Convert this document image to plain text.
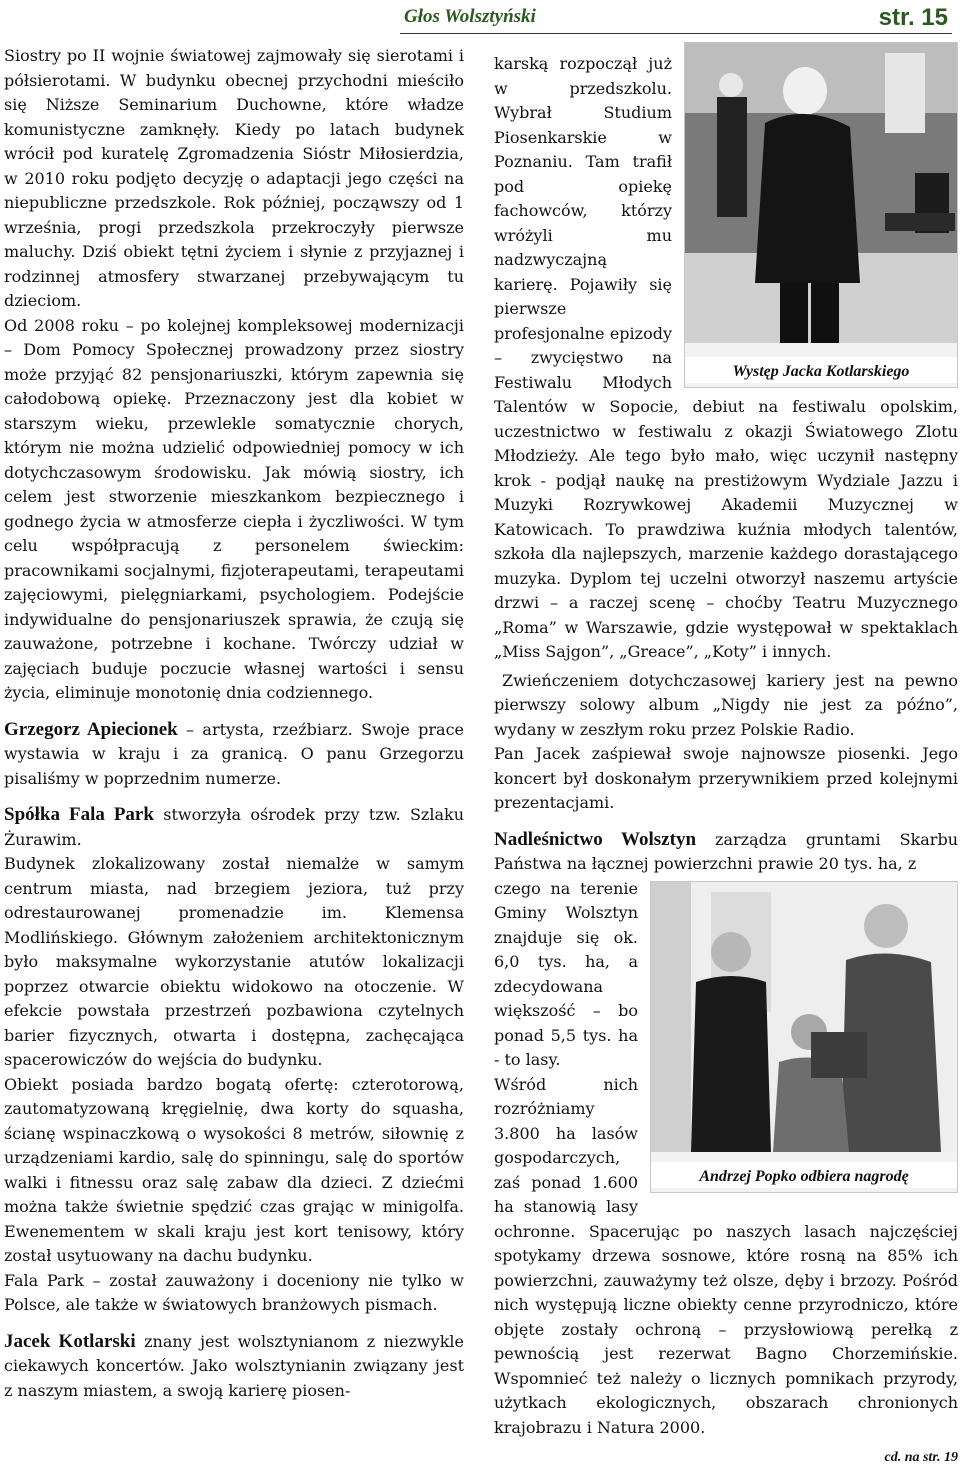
Głos Wolsztyński	str. 15

Siostry po II wojnie światowej zajmowały się sierotami i półsierotami. W budynku obecnej przychodni mieściło się Niższe Seminarium Duchowne, które władze komunistyczne zamknęły. Kiedy po latach budynek wrócił pod kuratelę Zgromadzenia Sióstr Miłosierdzia, w 2010 roku podjęto decyzję o adaptacji jego części na niepubliczne przedszkole. Rok później, począwszy od 1 września, progi przedszkola przekroczyły pierwsze maluchy. Dziś obiekt tętni życiem i słynie z przyjaznej i rodzinnej atmosfery stwarzanej przebywającym tu dzieciom.

Od 2008 roku – po kolejnej kompleksowej modernizacji – Dom Pomocy Społecznej prowadzony przez siostry może przyjąć 82 pensjonariuszki, którym zapewnia się całodobową opiekę. Przeznaczony jest dla kobiet w starszym wieku, przewlekle somatycznie chorych, którym nie można udzielić odpowiedniej pomocy w ich dotychczasowym środowisku. Jak mówią siostry, ich celem jest stworzenie mieszkankom bezpiecznego i godnego życia w atmosferze ciepła i życzliwości. W tym celu współpracują z personelem świeckim: pracownikami socjalnymi, fizjoterapeutami, terapeutami zajęciowymi, pielęgniarkami, psychologiem. Podejście indywidualne do pensjonariuszek sprawia, że czują się zauważone, potrzebne i kochane. Twórczy udział w zajęciach buduje poczucie własnej wartości i sensu życia, eliminuje monotonię dnia codziennego.

Grzegorz Apiecionek – artysta, rzeźbiarz. Swoje prace wystawia w kraju i za granicą. O panu Grzegorzu pisaliśmy w poprzednim numerze.

Spółka Fala Park stworzyła ośrodek przy tzw. Szlaku Żurawim.

Budynek zlokalizowany został niemalże w samym centrum miasta, nad brzegiem jeziora, tuż przy odrestaurowanej promenadzie im. Klemensa Modlińskiego. Głównym założeniem architektonicznym było maksymalne wykorzystanie atutów lokalizacji poprzez otwarcie obiektu widokowo na otoczenie. W efekcie powstała przestrzeń pozbawiona czytelnych barier fizycznych, otwarta i dostępna, zachęcająca spacerowiczów do wejścia do budynku.

Obiekt posiada bardzo bogatą ofertę: czterotorową, zautomatyzowaną kręgielnię, dwa korty do squasha, ścianę wspinaczkową o wysokości 8 metrów, siłownię z urządzeniami kardio, salę do spinningu, salę do sportów walki i fitnessu oraz salę zabaw dla dzieci. Z dziećmi można także świetnie spędzić czas grając w minigolfa. Ewenementem w skali kraju jest kort tenisowy, który został usytuowany na dachu budynku.

Fala Park – został zauważony i doceniony nie tylko w Polsce, ale także w światowych branżowych pismach.

Jacek Kotlarski znany jest wolsztynianom z niezwykle ciekawych koncertów. Jako wolsztynianin związany jest z naszym miastem, a swoją karierę piosen-

Występ Jacka Kotlarskiego

karską rozpoczął już w przedszkolu. Wybrał Studium Piosenkarskie w Poznaniu. Tam trafił pod opiekę fachowców, którzy wróżyli mu nadzwyczajną karierę. Pojawiły się pierwsze profesjonalne epizody – zwycięstwo na Festiwalu Młodych Talentów w Sopocie, debiut na festiwalu opolskim, uczestnictwo w festiwalu z okazji Światowego Zlotu Młodzieży. Ale tego było mało, więc uczynił następny krok - podjął naukę na prestiżowym Wydziale Jazzu i Muzyki Rozrywkowej Akademii Muzycznej w Katowicach. To prawdziwa kuźnia młodych talentów, szkoła dla najlepszych, marzenie każdego dorastającego muzyka. Dyplom tej uczelni otworzył naszemu artyście drzwi – a raczej scenę – choćby Teatru Muzycznego „Roma” w Warszawie, gdzie występował w spektaklach „Miss Sajgon”, „Greace”, „Koty” i innych.

Zwieńczeniem dotychczasowej kariery jest na pewno pierwszy solowy album „Nigdy nie jest za późno”, wydany w zeszłym roku przez Polskie Radio.

Pan Jacek zaśpiewał swoje najnowsze piosenki. Jego koncert był doskonałym przerywnikiem przed kolejnymi prezentacjami.

Nadleśnictwo Wolsztyn zarządza gruntami Skarbu Państwa na łącznej powierzchni prawie 20 tys. ha, z

Andrzej Popko odbiera nagrodę

czego na terenie Gminy Wolsztyn znajduje się ok. 6,0 tys. ha, a zdecydowana większość – bo ponad 5,5 tys. ha - to lasy.

Wśród nich rozróżniamy 3.800 ha lasów gospodarczych, zaś ponad 1.600 ha stanowią lasy ochronne. Spacerując po naszych lasach najczęściej spotykamy drzewa sosnowe, które rosną na 85% ich powierzchni, zauważymy też olsze, dęby i brzozy. Pośród nich występują liczne obiekty cenne przyrodniczo, które objęte zostały ochroną – przysłowiową perełką z pewnością jest rezerwat Bagno Chorzemińskie. Wspomnieć też należy o licznych pomnikach przyrody, użytkach ekologicznych, obszarach chronionych krajobrazu i Natura 2000.

cd. na str. 19
